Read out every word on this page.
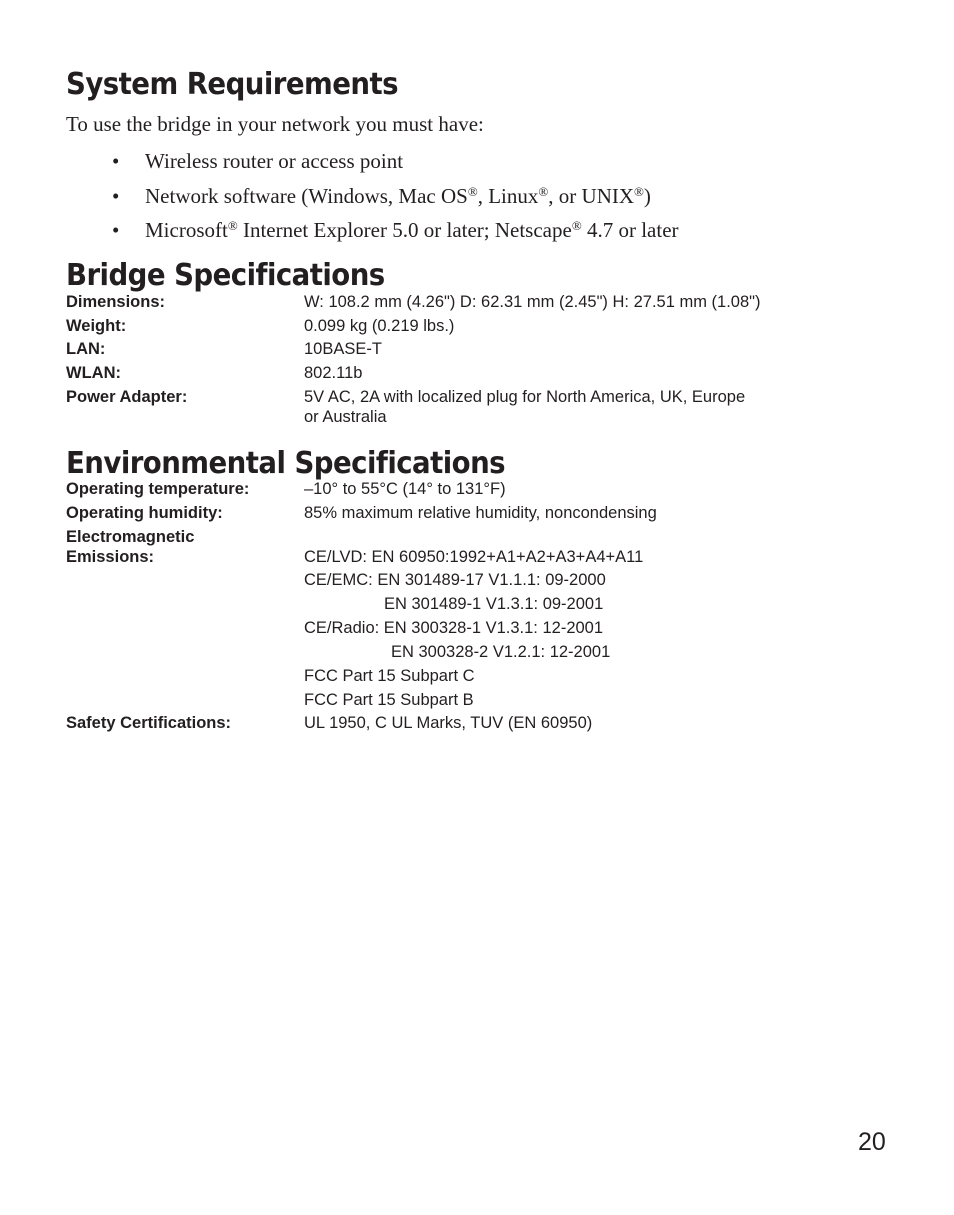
System Requirements
To use the bridge in your network you must have:
• Wireless router or access point
• Network software (Windows, Mac OS®, Linux®, or UNIX®)
• Microsoft® Internet Explorer 5.0 or later; Netscape® 4.7 or later
Bridge Specifications
Dimensions:	W: 108.2 mm (4.26") D: 62.31 mm (2.45") H: 27.51 mm (1.08")
Weight:	0.099 kg (0.219 lbs.)
LAN:	10BASE-T
WLAN:	802.11b
Power Adapter:	5V AC, 2A with localized plug for North America, UK, Europe
or Australia
Environmental Specifications
Operating temperature:	–10° to 55°C (14° to 131°F)
Operating humidity:	85% maximum relative humidity, noncondensing
Electromagnetic
Emissions:	CE/LVD: EN 60950:1992+A1+A2+A3+A4+A11
CE/EMC: EN 301489-17 V1.1.1: 09-2000
EN 301489-1 V1.3.1: 09-2001
CE/Radio: EN 300328-1 V1.3.1: 12-2001
EN 300328-2 V1.2.1: 12-2001
FCC Part 15 Subpart C
FCC Part 15 Subpart B
Safety Certifications:	UL 1950, C UL Marks, TUV (EN 60950)
20
